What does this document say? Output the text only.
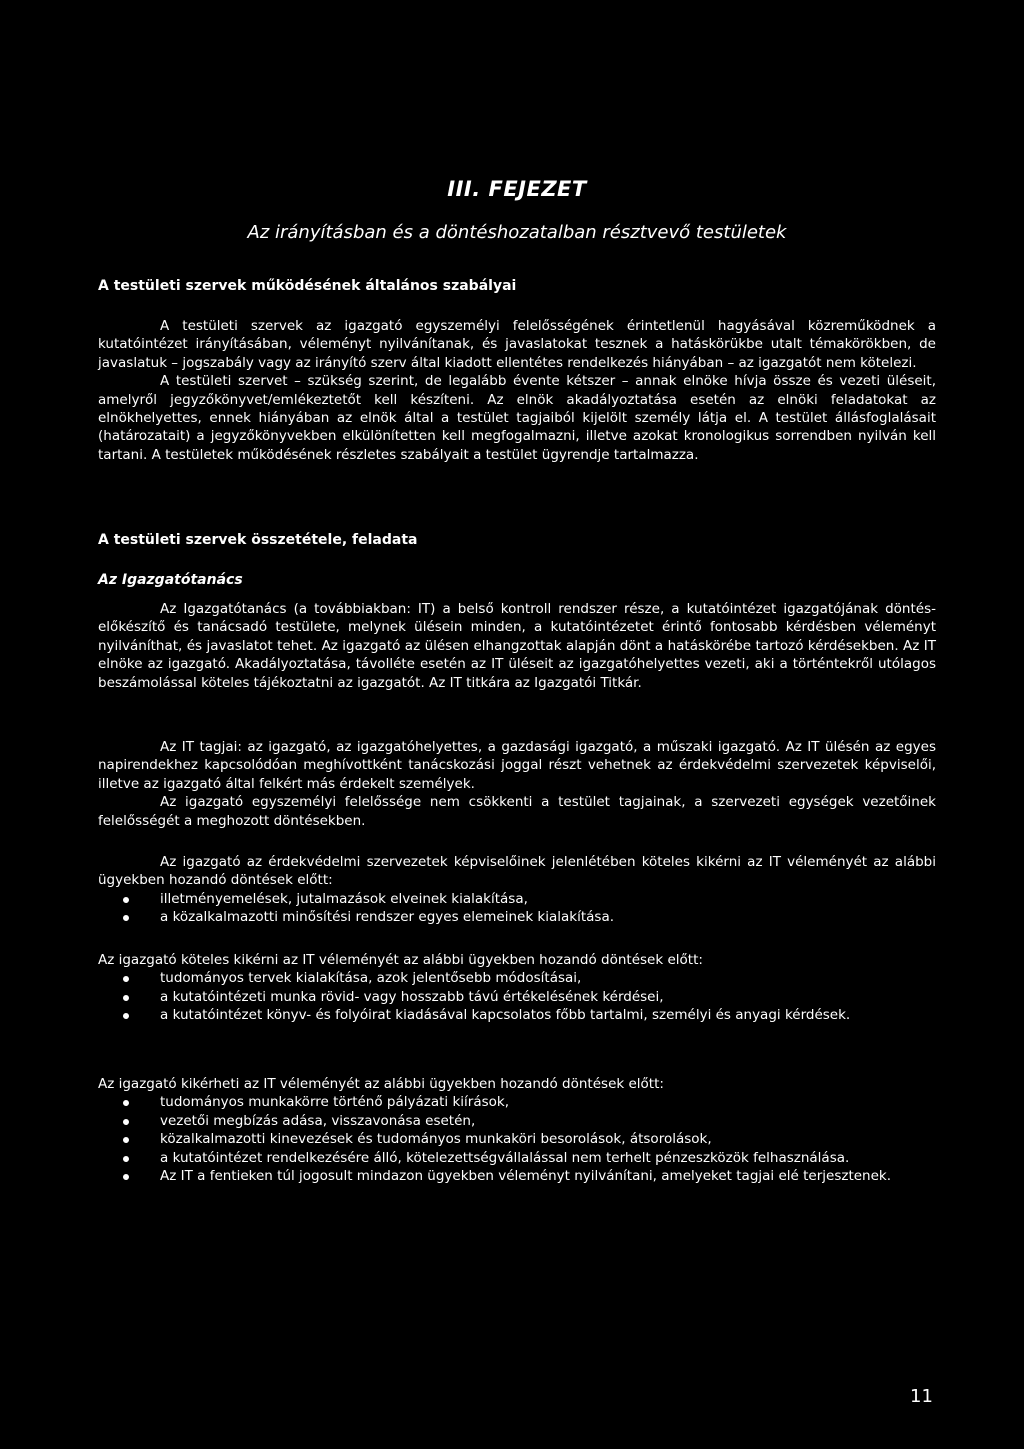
III. FEJEZET
Az irányításban és a döntéshozatalban résztvevő testületek
A testületi szervek működésének általános szabályai

A testületi szervek az igazgató egyszemélyi felelősségének érintetlenül hagyásával közreműködnek a kutatóintézet irányításában, véleményt nyilvánítanak, és javaslatokat tesznek a hatáskörükbe utalt témakörökben, de javaslatuk – jogszabály vagy az irányító szerv által kiadott ellentétes rendelkezés hiányában – az igazgatót nem kötelezi.

A testületi szervet – szükség szerint, de legalább évente kétszer – annak elnöke hívja össze és vezeti üléseit, amelyről jegyzőkönyvet/emlékeztetőt kell készíteni. Az elnök akadályoztatása esetén az elnöki feladatokat az elnökhelyettes, ennek hiányában az elnök által a testület tagjaiból kijelölt személy látja el. A testület állásfoglalásait (határozatait) a jegyzőkönyvekben elkülönítetten kell megfogalmazni, illetve azokat kronologikus sorrendben nyilván kell tartani. A testületek működésének részletes szabályait a testület ügyrendje tartalmazza.

A testületi szervek összetétele, feladata
Az Igazgatótanács

Az Igazgatótanács (a továbbiakban: IT) a belső kontroll rendszer része, a kutatóintézet igazgatójának döntés-előkészítő és tanácsadó testülete, melynek ülésein minden, a kutatóintézetet érintő fontosabb kérdésben véleményt nyilváníthat, és javaslatot tehet. Az igazgató az ülésen elhangzottak alapján dönt a hatáskörébe tartozó kérdésekben. Az IT elnöke az igazgató. Akadályoztatása, távolléte esetén az IT üléseit az igazgatóhelyettes vezeti, aki a történtekről utólagos beszámolással köteles tájékoztatni az igazgatót. Az IT titkára az Igazgatói Titkár.

Az IT tagjai: az igazgató, az igazgatóhelyettes, a gazdasági igazgató, a műszaki igazgató. Az IT ülésén az egyes napirendekhez kapcsolódóan meghívottként tanácskozási joggal részt vehetnek az érdekvédelmi szervezetek képviselői, illetve az igazgató által felkért más érdekelt személyek.

Az igazgató egyszemélyi felelőssége nem csökkenti a testület tagjainak, a szervezeti egységek vezetőinek felelősségét a meghozott döntésekben.

Az igazgató az érdekvédelmi szervezetek képviselőinek jelenlétében köteles kikérni az IT véleményét az alábbi ügyekben hozandó döntések előtt:

illetményemelések, jutalmazások elveinek kialakítása,
a közalkalmazotti minősítési rendszer egyes elemeinek kialakítása.

Az igazgató köteles kikérni az IT véleményét az alábbi ügyekben hozandó döntések előtt:

tudományos tervek kialakítása, azok jelentősebb módosításai,
a kutatóintézeti munka rövid- vagy hosszabb távú értékelésének kérdései,
a kutatóintézet könyv- és folyóirat kiadásával kapcsolatos főbb tartalmi, személyi és anyagi kérdések.

Az igazgató kikérheti az IT véleményét az alábbi ügyekben hozandó döntések előtt:

tudományos munkakörre történő pályázati kiírások,
vezetői megbízás adása, visszavonása esetén,
közalkalmazotti kinevezések és tudományos munkaköri besorolások, átsorolások,
a kutatóintézet rendelkezésére álló, kötelezettségvállalással nem terhelt pénzeszközök felhasználása.
Az IT a fentieken túl jogosult mindazon ügyekben véleményt nyilvánítani, amelyeket tagjai elé terjesztenek.
11
